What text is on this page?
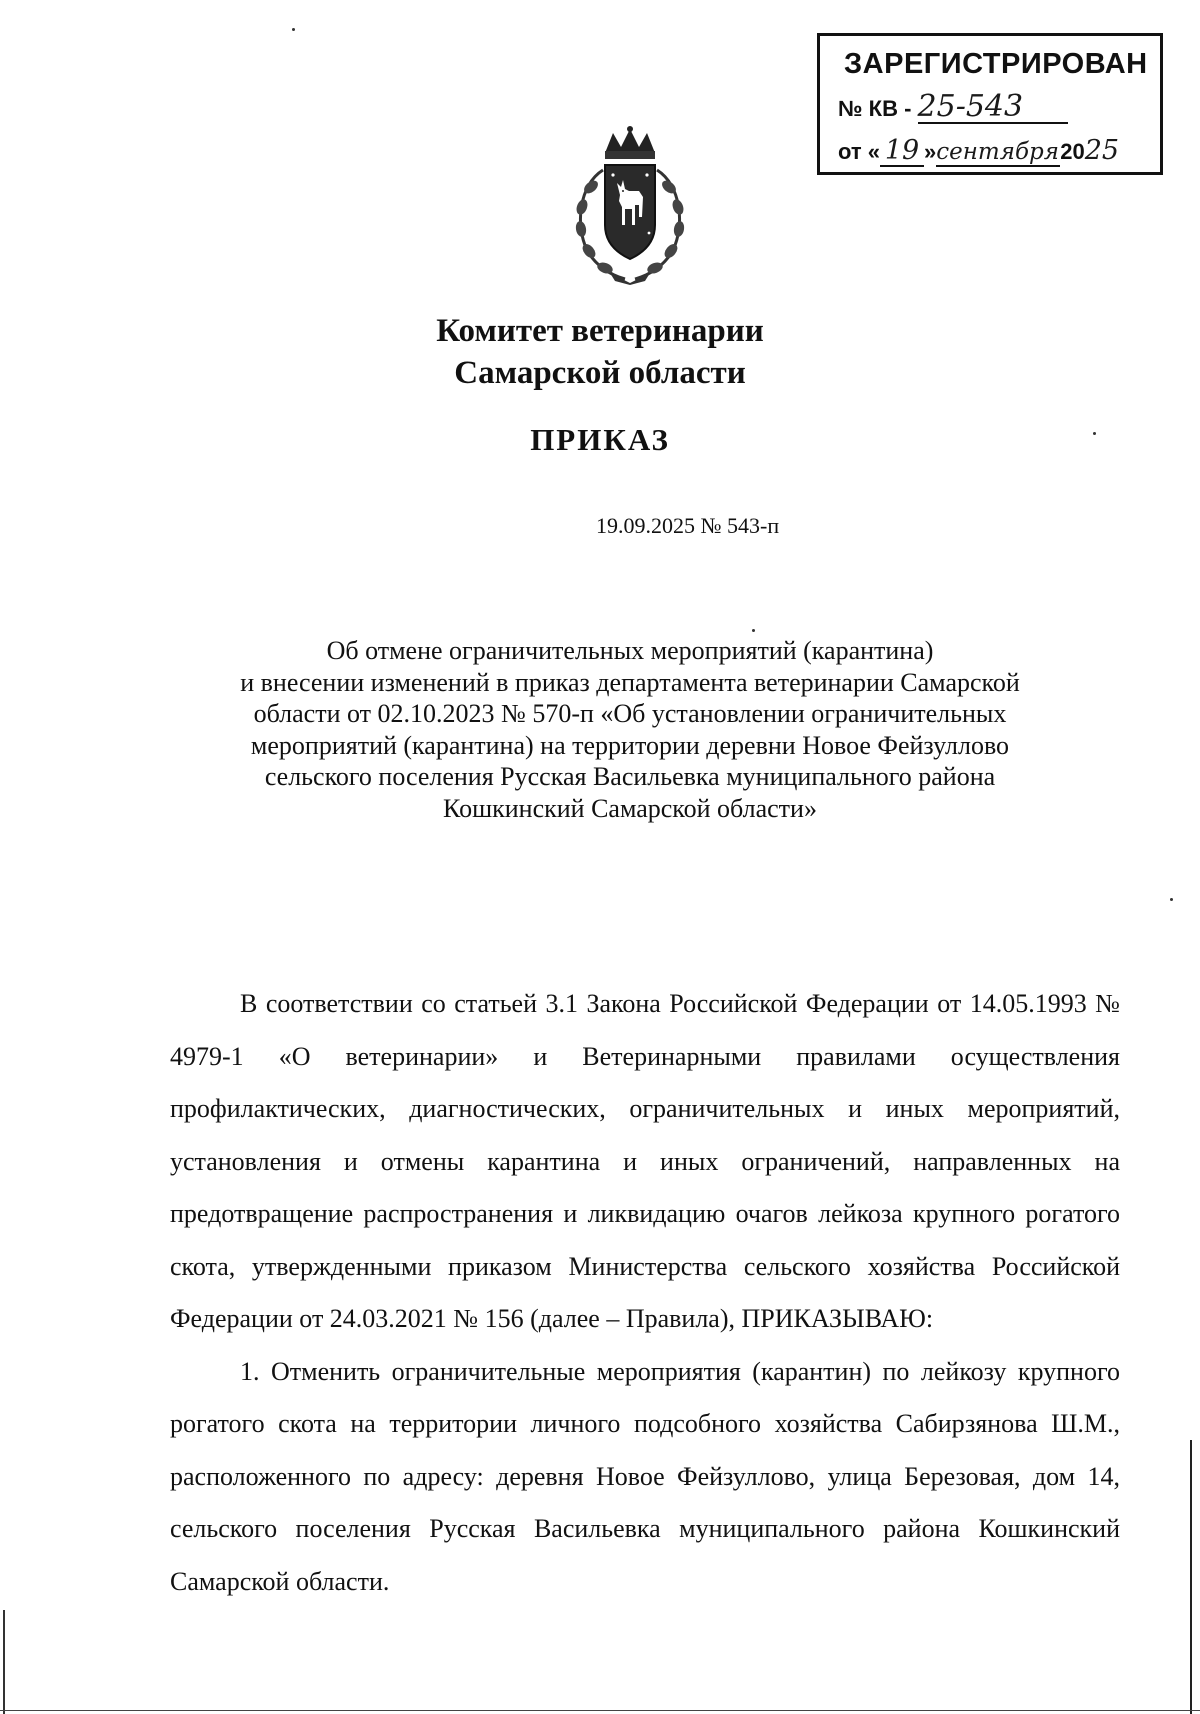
ЗАРЕГИСТРИРОВАН
№ КВ - 25-543
от « 19 »сентября2025
Комитет ветеринарии
Самарской области
ПРИКАЗ
19.09.2025 № 543-п
Об отмене ограничительных мероприятий (карантина)
и внесении изменений в приказ департамента ветеринарии Самарской
области от 02.10.2023 № 570-п «Об установлении ограничительных
мероприятий (карантина) на территории деревни Новое Фейзуллово
сельского поселения Русская Васильевка муниципального района
Кошкинский Самарской области»

В соответствии со статьей 3.1 Закона Российской Федерации от 14.05.1993 № 4979-1 «О ветеринарии» и Ветеринарными правилами осуществления профилактических, диагностических, ограничительных и иных мероприятий, установления и отмены карантина и иных ограничений, направленных на предотвращение распространения и ликвидацию очагов лейкоза крупного рогатого скота, утвержденными приказом Министерства сельского хозяйства Российской Федерации от 24.03.2021 № 156 (далее – Правила), ПРИКАЗЫВАЮ:

1. Отменить ограничительные мероприятия (карантин) по лейкозу крупного рогатого скота на территории личного подсобного хозяйства Сабирзянова Ш.М., расположенного по адресу: деревня Новое Фейзуллово, улица Березовая, дом 14, сельского поселения Русская Васильевка муниципального района Кошкинский Самарской области.
